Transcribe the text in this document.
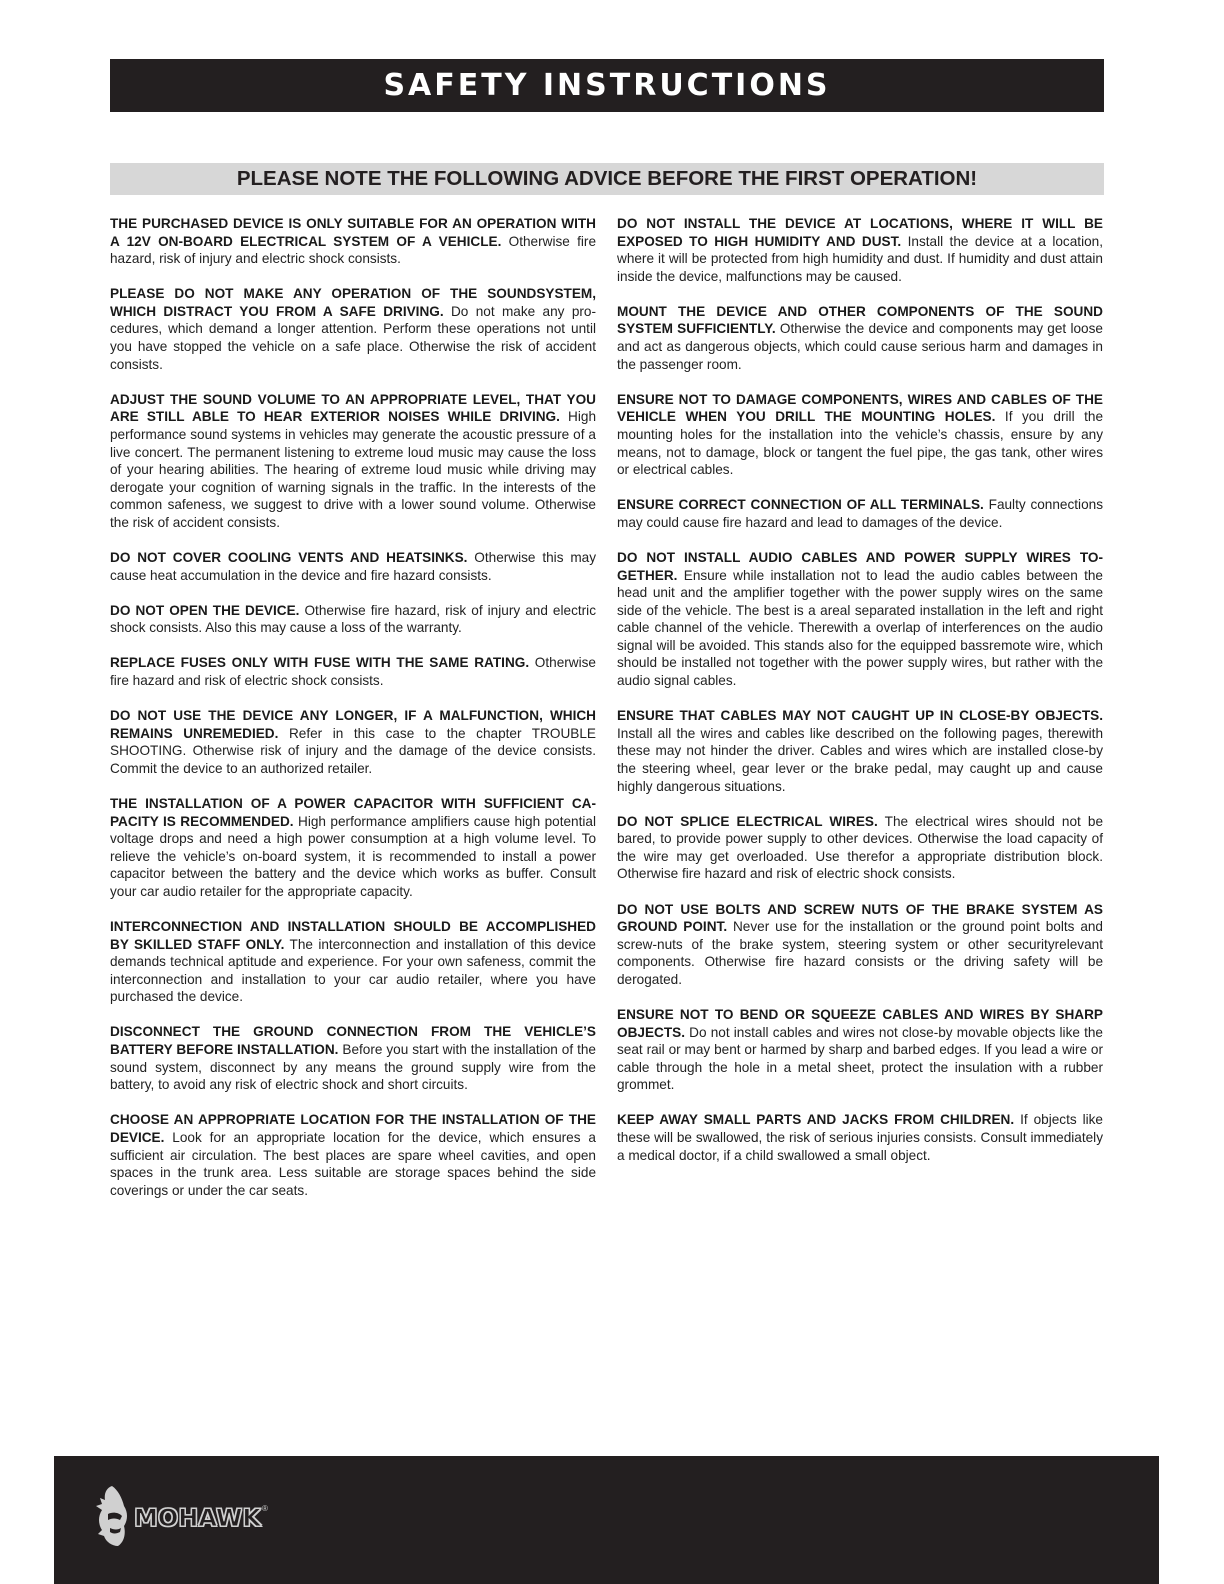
SAFETY INSTRUCTIONS
PLEASE NOTE THE FOLLOWING ADVICE BEFORE THE FIRST OPERATION!

THE PURCHASED DEVICE IS ONLY SUITABLE FOR AN OPERATION WITH A 12V ON-BOARD ELECTRICAL SYSTEM OF A VEHICLE. Otherwise fire hazard, risk of injury and electric shock consists.

PLEASE DO NOT MAKE ANY OPERATION OF THE SOUNDSYSTEM, WHICH DISTRACT YOU FROM A SAFE DRIVING. Do not make any procedures, which demand a longer attention. Perform these operations not until you have stopped the vehicle on a safe place. Otherwise the risk of accident consists.

ADJUST THE SOUND VOLUME TO AN APPROPRIATE LEVEL, THAT YOU ARE STILL ABLE TO HEAR EXTERIOR NOISES WHILE DRIVING. High performance sound systems in vehicles may generate the acoustic pressure of a live concert. The permanent listening to extreme loud music may cause the loss of your hearing abilities. The hearing of extreme loud music while driving may derogate your cognition of warning signals in the traffic. In the interests of the common safeness, we suggest to drive with a lower sound volume. Otherwise the risk of accident consists.

DO NOT COVER COOLING VENTS AND HEATSINKS. Otherwise this may cause heat accumulation in the device and fire hazard consists.

DO NOT OPEN THE DEVICE. Otherwise fire hazard, risk of injury and electric shock consists. Also this may cause a loss of the warranty.

REPLACE FUSES ONLY WITH FUSE WITH THE SAME RATING. Otherwise fire hazard and risk of electric shock consists.

DO NOT USE THE DEVICE ANY LONGER, IF A MALFUNCTION, WHICH REMAINS UNREMEDIED. Refer in this case to the chapter TROUBLE SHOOTING. Otherwise risk of injury and the damage of the device consists. Commit the device to an authorized retailer.

THE INSTALLATION OF A POWER CAPACITOR WITH SUFFICIENT CAPACITY IS RECOMMENDED. High performance amplifiers cause high potential voltage drops and need a high power consumption at a high volume level. To relieve the vehicle’s on-board system, it is recommended to install a power capacitor between the battery and the device which works as buffer. Consult your car audio retailer for the appropriate capacity.

INTERCONNECTION AND INSTALLATION SHOULD BE ACCOMPLISHED BY SKILLED STAFF ONLY. The interconnection and installation of this device demands technical aptitude and experience. For your own safeness, commit the interconnection and installation to your car audio retailer, where you have purchased the device.

DISCONNECT THE GROUND CONNECTION FROM THE VEHICLE’S BATTERY BEFORE INSTALLATION. Before you start with the installation of the sound system, disconnect by any means the ground supply wire from the battery, to avoid any risk of electric shock and short circuits.

CHOOSE AN APPROPRIATE LOCATION FOR THE INSTALLATION OF THE DEVICE. Look for an appropriate location for the device, which ensures a sufficient air circulation. The best places are spare wheel cavities, and open spaces in the trunk area. Less suitable are storage spaces behind the side coverings or under the car seats.

DO NOT INSTALL THE DEVICE AT LOCATIONS, WHERE IT WILL BE EXPOSED TO HIGH HUMIDITY AND DUST. Install the device at a location, where it will be protected from high humidity and dust. If humidity and dust attain inside the device, malfunctions may be caused.

MOUNT THE DEVICE AND OTHER COMPONENTS OF THE SOUND SYSTEM SUFFICIENTLY. Otherwise the device and components may get loose and act as dangerous objects, which could cause serious harm and damages in the passenger room.

ENSURE NOT TO DAMAGE COMPONENTS, WIRES AND CABLES OF THE VEHICLE WHEN YOU DRILL THE MOUNTING HOLES. If you drill the mounting holes for the installation into the vehicle’s chassis, ensure by any means, not to damage, block or tangent the fuel pipe, the gas tank, other wires or electrical cables.

ENSURE CORRECT CONNECTION OF ALL TERMINALS. Faulty connections may could cause fire hazard and lead to damages of the device.

DO NOT INSTALL AUDIO CABLES AND POWER SUPPLY WIRES TOGETHER. Ensure while installation not to lead the audio cables between the head unit and the amplifier together with the power supply wires on the same side of the vehicle. The best is a areal separated installation in the left and right cable channel of the vehicle. Therewith a overlap of interferences on the audio signal will be avoided. This stands also for the equipped bassremote wire, which should be installed not together with the power supply wires, but rather with the audio signal cables.

ENSURE THAT CABLES MAY NOT CAUGHT UP IN CLOSE-BY OBJECTS. Install all the wires and cables like described on the following pages, therewith these may not hinder the driver. Cables and wires which are installed close-by the steering wheel, gear lever or the brake pedal, may caught up and cause highly dangerous situations.

DO NOT SPLICE ELECTRICAL WIRES. The electrical wires should not be bared, to provide power supply to other devices. Otherwise the load capacity of the wire may get overloaded. Use therefor a appropriate distribution block. Otherwise fire hazard and risk of electric shock consists.

DO NOT USE BOLTS AND SCREW NUTS OF THE BRAKE SYSTEM AS GROUND POINT. Never use for the installation or the ground point bolts and screw-nuts of the brake system, steering system or other securityrelevant components. Otherwise fire hazard consists or the driving safety will be derogated.

ENSURE NOT TO BEND OR SQUEEZE CABLES AND WIRES BY SHARP OBJECTS. Do not install cables and wires not close-by movable objects like the seat rail or may bent or harmed by sharp and barbed edges. If you lead a wire or cable through the hole in a metal sheet, protect the insulation with a rubber grommet.

KEEP AWAY SMALL PARTS AND JACKS FROM CHILDREN. If objects like these will be swallowed, the risk of serious injuries consists. Consult immediately a medical doctor, if a child swallowed a small object.

MOHAWK ®
